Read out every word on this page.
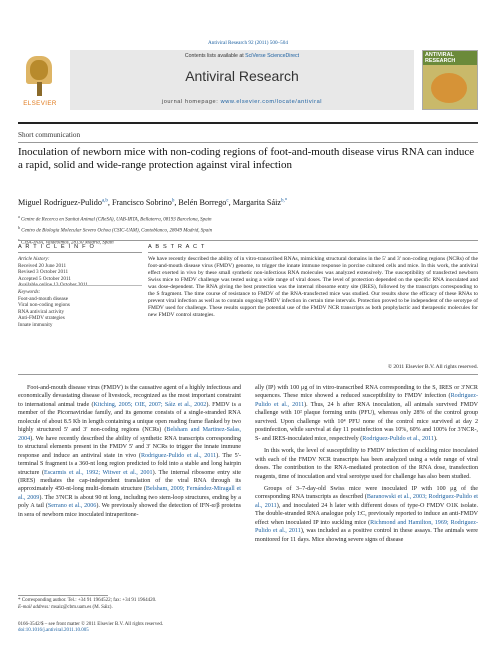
Antiviral Research 92 (2011) 500–504
ELSEVIER
Contents lists available at SciVerse ScienceDirect
Antiviral Research
journal homepage: www.elsevier.com/locate/antiviral
ANTIVIRAL RESEARCH
Short communication
Inoculation of newborn mice with non-coding regions of foot-and-mouth disease virus RNA can induce a rapid, solid and wide-range protection against viral infection
Miguel Rodríguez-Pulido$^{a,b}$, Francisco Sobrino$^b$, Belén Borrego$^c$, Margarita Sáiz$^{b,*}$
$^a$ Centre de Recerca en Sanitat Animal (CReSA), UAB-IRTA, Bellaterra, 08193 Barcelona, Spain
$^b$ Centro de Biología Molecular Severo Ochoa (CSIC-UAM), Cantoblanco, 28049 Madrid, Spain
$^c$ CISA-INIA, Valdeolmos, 28130 Madrid, Spain
A R T I C L E I N F O	A B S T R A C T
Article history:
Received 20 June 2011
Revised 3 October 2011
Accepted 5 October 2011
Available online 13 October 2011
Keywords:
Foot-and-mouth disease
Viral non-coding regions
RNA antiviral activity
Anti-FMDV strategies
Innate immunity
We have recently described the ability of in vitro-transcribed RNAs, mimicking structural domains in the 5′ and 3′ non-coding regions (NCRs) of the foot-and-mouth disease virus (FMDV) genome, to trigger the innate immune response in porcine cultured cells and mice. In this work, the antiviral effect exerted in vivo by these small synthetic non-infectious RNA molecules was analyzed extensively. The susceptibility of transfected newborn Swiss mice to FMDV challenge was tested using a wide range of viral doses. The level of protection depended on the specific RNA inoculated and was dose-dependent. The RNA giving the best protection was the internal ribosome entry site (IRES), followed by the transcripts corresponding to the S fragment. The time course of resistance to FMDV of the RNA-transfected mice was studied. Our results show the efficacy of these RNAs to prevent viral infection as well as to contain ongoing FMDV infection in certain time intervals. Protection proved to be independent of the serotype of FMDV used for challenge. These results support the potential use of the FMDV NCR transcripts as both prophylactic and therapeutic molecules for new FMDV control strategies.
© 2011 Elsevier B.V. All rights reserved.

Foot-and-mouth disease virus (FMDV) is the causative agent of a highly infectious and economically devastating disease of livestock, recognized as the most important constraint to international animal trade (Kitching, 2005; OIE, 2007; Sáiz et al., 2002). FMDV is a member of the Picornaviridae family, and its genome consists of a single-stranded RNA molecule of about 8.5 Kb in length containing a unique open reading frame flanked by two highly structured 5′ and 3′ non-coding regions (NCRs) (Belsham and Martinez-Salas, 2004). We have recently described the ability of synthetic RNA transcripts corresponding to structural elements present in the FMDV 5′ and 3′ NCRs to trigger the innate immune response and induce an antiviral state in vivo (Rodriguez-Pulido et al., 2011). The 5′-terminal S fragment is a 360-nt long region predicted to fold into a stable and long hairpin structure (Escarmis et al., 1992; Witwer et al., 2001). The internal ribosome entry site (IRES) mediates the cap-independent translation of the viral RNA through its approximately 450-nt-long multi-domain structure (Belsham, 2009; Fernández-Miragall et al., 2009). The 3′NCR is about 90 nt long, including two stem-loop structures, ending by a poly A tail (Serrano et al., 2006). We previously showed the detection of IFN-α/β proteins in sera of newborn mice inoculated intraperitone-

ally (IP) with 100 μg of in vitro-transcribed RNA corresponding to the S, IRES or 3′NCR sequences. These mice showed a reduced susceptibility to FMDV infection (Rodriguez-Pulido et al., 2011). Thus, 24 h after RNA inoculation, all animals survived FMDV challenge with 10² plaque forming units (PFU), whereas only 28% of the control group survived. Upon challenge with 10⁴ PFU none of the control mice survived at day 2 postinfection, while survival at day 11 postinfection was 10%, 60% and 100% for 3′NCR-, S- and IRES-inoculated mice, respectively (Rodriguez-Pulido et al., 2011).

In this work, the level of susceptibility to FMDV infection of suckling mice inoculated with each of the FMDV NCR transcripts has been analyzed using a wide range of viral doses. The contribution to the RNA-mediated protection of the RNA dose, transfection reagents, time of inoculation and viral serotype used for challenge has also been studied.

Groups of 3–7-day-old Swiss mice were inoculated IP with 100 μg of the corresponding RNA transcripts as described (Baranowski et al., 2003; Rodriguez-Pulido et al., 2011), and inoculated 24 h later with different doses of type-O FMDV O1K isolate. The double-stranded RNA analogue poly I:C, previously reported to induce an anti-FMDV effect when inoculated IP into suckling mice (Richmond and Hamilton, 1969; Rodriguez-Pulido et al., 2011), was included as a positive control in these assays. The animals were monitored for 11 days. Mice showing severe signs of disease

* Corresponding author. Tel.: +34 91 1964522; fax: +34 91 1964420.
E-mail address: msaiz@cbm.uam.es (M. Sáiz).
0166-3542/$ – see front matter © 2011 Elsevier B.V. All rights reserved.
doi:10.1016/j.antiviral.2011.10.005
